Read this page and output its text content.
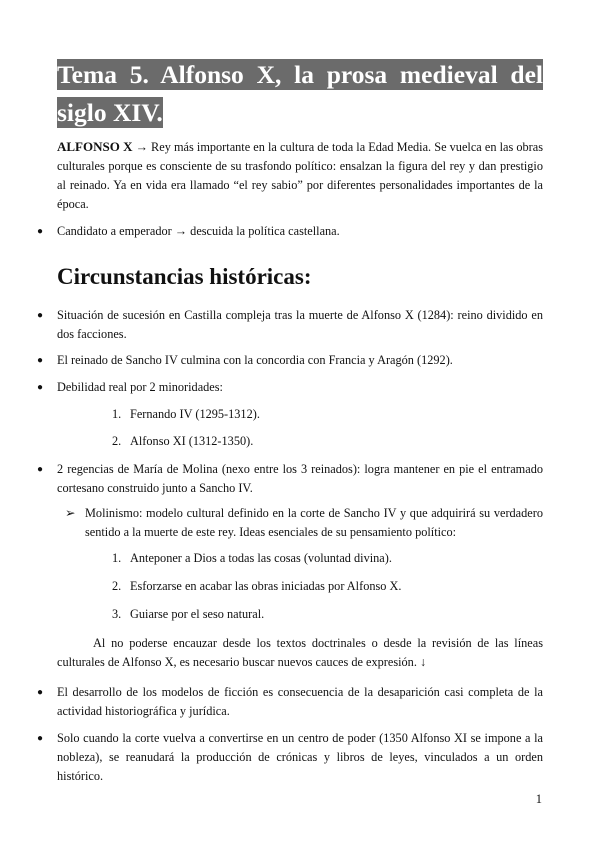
Tema 5. Alfonso X, la prosa medieval del siglo XIV.
ALFONSO X → Rey más importante en la cultura de toda la Edad Media. Se vuelca en las obras culturales porque es consciente de su trasfondo político: ensalzan la figura del rey y dan prestigio al reinado. Ya en vida era llamado “el rey sabio” por diferentes personalidades importantes de la época.
● Candidato a emperador → descuida la política castellana.
Circunstancias históricas:
● Situación de sucesión en Castilla compleja tras la muerte de Alfonso X (1284): reino dividido en dos facciones.
● El reinado de Sancho IV culmina con la concordia con Francia y Aragón (1292).
● Debilidad real por 2 minoridades:
1. Fernando IV (1295-1312).
2. Alfonso XI (1312-1350).
● 2 regencias de María de Molina (nexo entre los 3 reinados): logra mantener en pie el entramado cortesano construido junto a Sancho IV.
➢ Molinismo: modelo cultural definido en la corte de Sancho IV y que adquirirá su verdadero sentido a la muerte de este rey. Ideas esenciales de su pensamiento político:
1. Anteponer a Dios a todas las cosas (voluntad divina).
2. Esforzarse en acabar las obras iniciadas por Alfonso X.
3. Guiarse por el seso natural.
Al no poderse encauzar desde los textos doctrinales o desde la revisión de las líneas culturales de Alfonso X, es necesario buscar nuevos cauces de expresión. ↓
● El desarrollo de los modelos de ficción es consecuencia de la desaparición casi completa de la actividad historiográfica y jurídica.
● Solo cuando la corte vuelva a convertirse en un centro de poder (1350 Alfonso XI se impone a la nobleza), se reanudará la producción de crónicas y libros de leyes, vinculados a un orden histórico.
1
